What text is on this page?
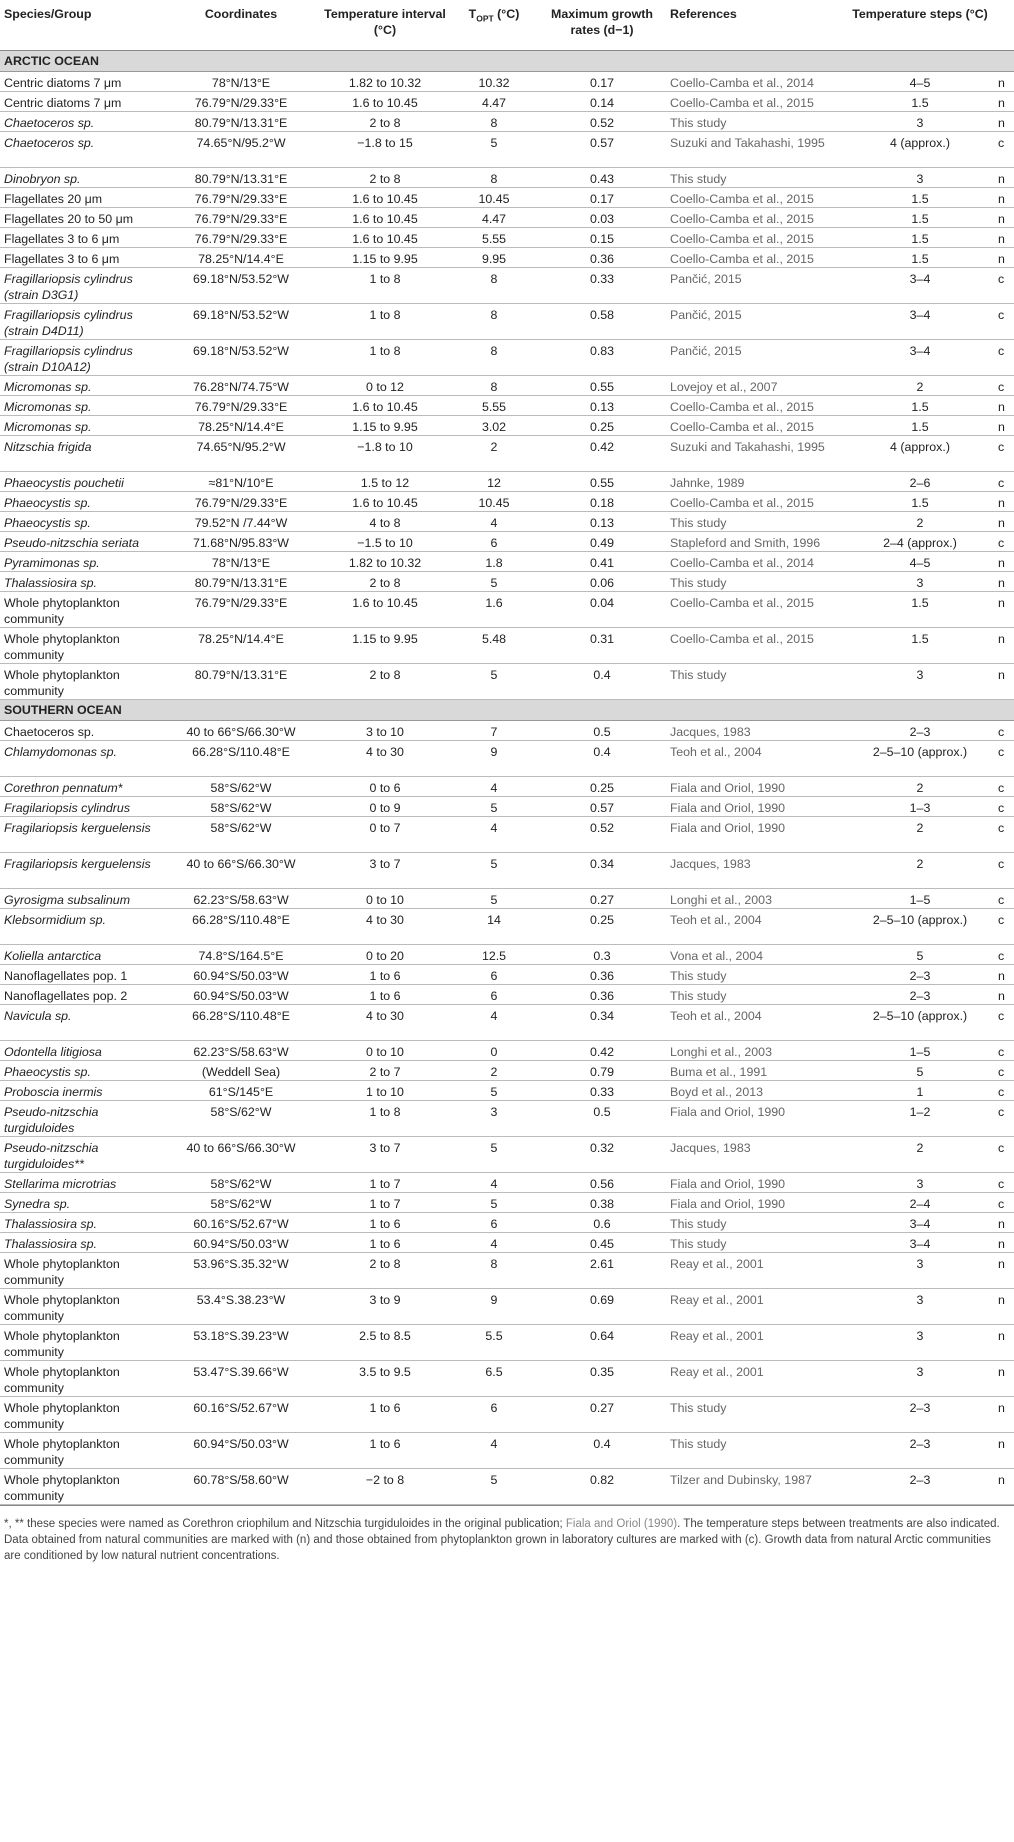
Species/Group	Coordinates	Temperature interval (°C)	$T_{OPT}$ (°C)	Maximum growth rates (d−1)	References	Temperature steps (°C)	
ARCTIC OCEAN							
Centric diatoms 7 μm	78°N/13°E	1.82 to 10.32	10.32	0.17	Coello-Camba et al., 2014	4–5	n
Centric diatoms 7 μm	76.79°N/29.33°E	1.6 to 10.45	4.47	0.14	Coello-Camba et al., 2015	1.5	n
Chaetoceros sp.	80.79°N/13.31°E	2 to 8	8	0.52	This study	3	n
Chaetoceros sp.	74.65°N/95.2°W	−1.8 to 15	5	0.57	Suzuki and Takahashi, 1995	4 (approx.)	c
Dinobryon sp.	80.79°N/13.31°E	2 to 8	8	0.43	This study	3	n
Flagellates 20 μm	76.79°N/29.33°E	1.6 to 10.45	10.45	0.17	Coello-Camba et al., 2015	1.5	n
Flagellates 20 to 50 μm	76.79°N/29.33°E	1.6 to 10.45	4.47	0.03	Coello-Camba et al., 2015	1.5	n
Flagellates 3 to 6 μm	76.79°N/29.33°E	1.6 to 10.45	5.55	0.15	Coello-Camba et al., 2015	1.5	n
Flagellates 3 to 6 μm	78.25°N/14.4°E	1.15 to 9.95	9.95	0.36	Coello-Camba et al., 2015	1.5	n
Fragillariopsis cylindrus (strain D3G1)	69.18°N/53.52°W	1 to 8	8	0.33	Pančić, 2015	3–4	c
Fragillariopsis cylindrus (strain D4D11)	69.18°N/53.52°W	1 to 8	8	0.58	Pančić, 2015	3–4	c
Fragillariopsis cylindrus (strain D10A12)	69.18°N/53.52°W	1 to 8	8	0.83	Pančić, 2015	3–4	c
Micromonas sp.	76.28°N/74.75°W	0 to 12	8	0.55	Lovejoy et al., 2007	2	c
Micromonas sp.	76.79°N/29.33°E	1.6 to 10.45	5.55	0.13	Coello-Camba et al., 2015	1.5	n
Micromonas sp.	78.25°N/14.4°E	1.15 to 9.95	3.02	0.25	Coello-Camba et al., 2015	1.5	n
Nitzschia frigida	74.65°N/95.2°W	−1.8 to 10	2	0.42	Suzuki and Takahashi, 1995	4 (approx.)	c
Phaeocystis pouchetii	≈81°N/10°E	1.5 to 12	12	0.55	Jahnke, 1989	2–6	c
Phaeocystis sp.	76.79°N/29.33°E	1.6 to 10.45	10.45	0.18	Coello-Camba et al., 2015	1.5	n
Phaeocystis sp.	79.52°N /7.44°W	4 to 8	4	0.13	This study	2	n
Pseudo-nitzschia seriata	71.68°N/95.83°W	−1.5 to 10	6	0.49	Stapleford and Smith, 1996	2–4 (approx.)	c
Pyramimonas sp.	78°N/13°E	1.82 to 10.32	1.8	0.41	Coello-Camba et al., 2014	4–5	n
Thalassiosira sp.	80.79°N/13.31°E	2 to 8	5	0.06	This study	3	n
Whole phytoplankton community	76.79°N/29.33°E	1.6 to 10.45	1.6	0.04	Coello-Camba et al., 2015	1.5	n
Whole phytoplankton community	78.25°N/14.4°E	1.15 to 9.95	5.48	0.31	Coello-Camba et al., 2015	1.5	n
Whole phytoplankton community	80.79°N/13.31°E	2 to 8	5	0.4	This study	3	n
SOUTHERN OCEAN							
Chaetoceros sp.	40 to 66°S/66.30°W	3 to 10	7	0.5	Jacques, 1983	2–3	c
Chlamydomonas sp.	66.28°S/110.48°E	4 to 30	9	0.4	Teoh et al., 2004	2–5–10 (approx.)	c
Corethron pennatum*	58°S/62°W	0 to 6	4	0.25	Fiala and Oriol, 1990	2	c
Fragilariopsis cylindrus	58°S/62°W	0 to 9	5	0.57	Fiala and Oriol, 1990	1–3	c
Fragilariopsis kerguelensis	58°S/62°W	0 to 7	4	0.52	Fiala and Oriol, 1990	2	c
Fragilariopsis kerguelensis	40 to 66°S/66.30°W	3 to 7	5	0.34	Jacques, 1983	2	c
Gyrosigma subsalinum	62.23°S/58.63°W	0 to 10	5	0.27	Longhi et al., 2003	1–5	c
Klebsormidium sp.	66.28°S/110.48°E	4 to 30	14	0.25	Teoh et al., 2004	2–5–10 (approx.)	c
Koliella antarctica	74.8°S/164.5°E	0 to 20	12.5	0.3	Vona et al., 2004	5	c
Nanoflagellates pop. 1	60.94°S/50.03°W	1 to 6	6	0.36	This study	2–3	n
Nanoflagellates pop. 2	60.94°S/50.03°W	1 to 6	6	0.36	This study	2–3	n
Navicula sp.	66.28°S/110.48°E	4 to 30	4	0.34	Teoh et al., 2004	2–5–10 (approx.)	c
Odontella litigiosa	62.23°S/58.63°W	0 to 10	0	0.42	Longhi et al., 2003	1–5	c
Phaeocystis sp.	(Weddell Sea)	2 to 7	2	0.79	Buma et al., 1991	5	c
Proboscia inermis	61°S/145°E	1 to 10	5	0.33	Boyd et al., 2013	1	c
Pseudo-nitzschia turgiduloides	58°S/62°W	1 to 8	3	0.5	Fiala and Oriol, 1990	1–2	c
Pseudo-nitzschia turgiduloides**	40 to 66°S/66.30°W	3 to 7	5	0.32	Jacques, 1983	2	c
Stellarima microtrias	58°S/62°W	1 to 7	4	0.56	Fiala and Oriol, 1990	3	c
Synedra sp.	58°S/62°W	1 to 7	5	0.38	Fiala and Oriol, 1990	2–4	c
Thalassiosira sp.	60.16°S/52.67°W	1 to 6	6	0.6	This study	3–4	n
Thalassiosira sp.	60.94°S/50.03°W	1 to 6	4	0.45	This study	3–4	n
Whole phytoplankton community	53.96°S.35.32°W	2 to 8	8	2.61	Reay et al., 2001	3	n
Whole phytoplankton community	53.4°S.38.23°W	3 to 9	9	0.69	Reay et al., 2001	3	n
Whole phytoplankton community	53.18°S.39.23°W	2.5 to 8.5	5.5	0.64	Reay et al., 2001	3	n
Whole phytoplankton community	53.47°S.39.66°W	3.5 to 9.5	6.5	0.35	Reay et al., 2001	3	n
Whole phytoplankton community	60.16°S/52.67°W	1 to 6	6	0.27	This study	2–3	n
Whole phytoplankton community	60.94°S/50.03°W	1 to 6	4	0.4	This study	2–3	n
Whole phytoplankton community	60.78°S/58.60°W	−2 to 8	5	0.82	Tilzer and Dubinsky, 1987	2–3	n
*, ** these species were named as Corethron criophilum and Nitzschia turgiduloides in the original publication; Fiala and Oriol (1990). The temperature steps between treatments are also indicated. Data obtained from natural communities are marked with (n) and those obtained from phytoplankton grown in laboratory cultures are marked with (c). Growth data from natural Arctic communities are conditioned by low natural nutrient concentrations.
